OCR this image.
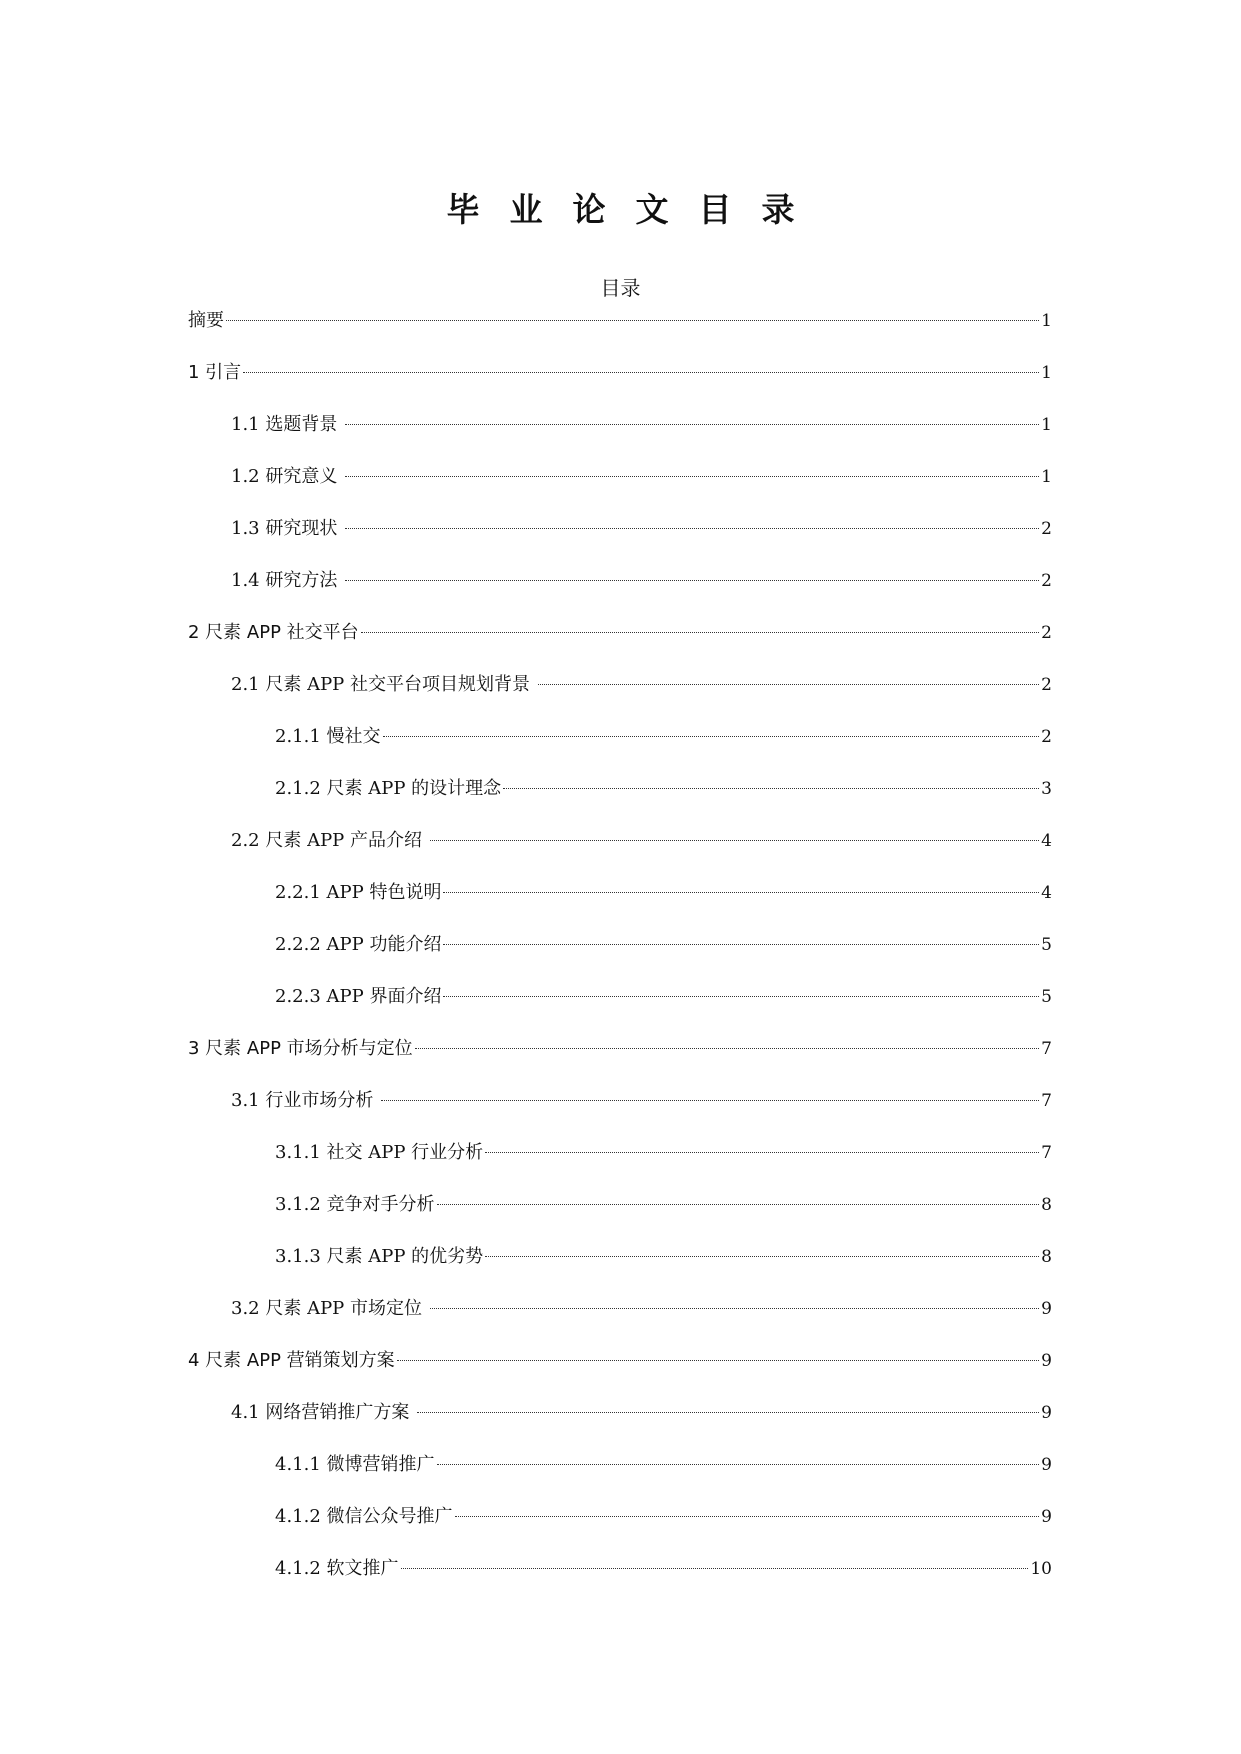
毕业论文目录
目录
摘要	1
1 引言	1
1.1 选题背景	1
1.2 研究意义	1
1.3 研究现状	2
1.4 研究方法	2
2 尺素 APP 社交平台	2
2.1 尺素 APP 社交平台项目规划背景	2
2.1.1 慢社交	2
2.1.2 尺素 APP 的设计理念	3
2.2 尺素 APP 产品介绍	4
2.2.1 APP 特色说明	4
2.2.2 APP 功能介绍	5
2.2.3 APP 界面介绍	5
3 尺素 APP 市场分析与定位	7
3.1 行业市场分析	7
3.1.1 社交 APP 行业分析	7
3.1.2 竞争对手分析	8
3.1.3 尺素 APP 的优劣势	8
3.2 尺素 APP 市场定位	9
4 尺素 APP 营销策划方案	9
4.1 网络营销推广方案	9
4.1.1 微博营销推广	9
4.1.2 微信公众号推广	9
4.1.2 软文推广	10
